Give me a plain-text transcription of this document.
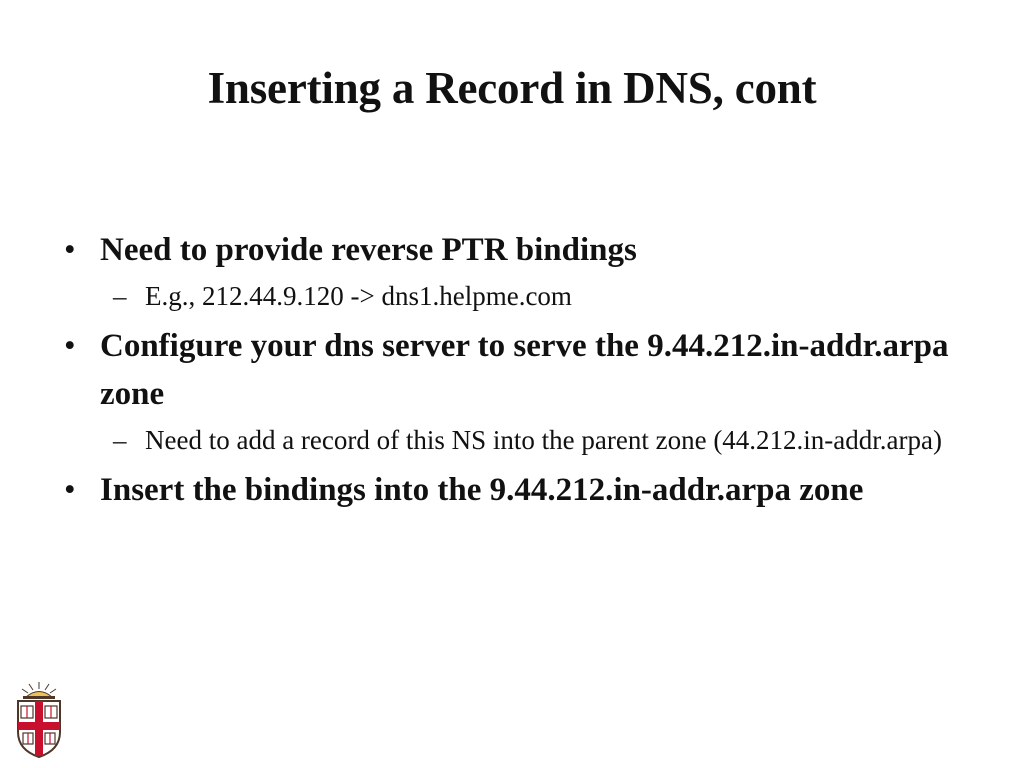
Inserting a Record in DNS, cont
• Need to provide reverse PTR bindings
– E.g., 212.44.9.120 -> dns1.helpme.com
• Configure your dns server to serve the 9.44.212.in-addr.arpa zone
– Need to add a record of this NS into the parent zone (44.212.in-addr.arpa)
• Insert the bindings into the 9.44.212.in-addr.arpa zone
